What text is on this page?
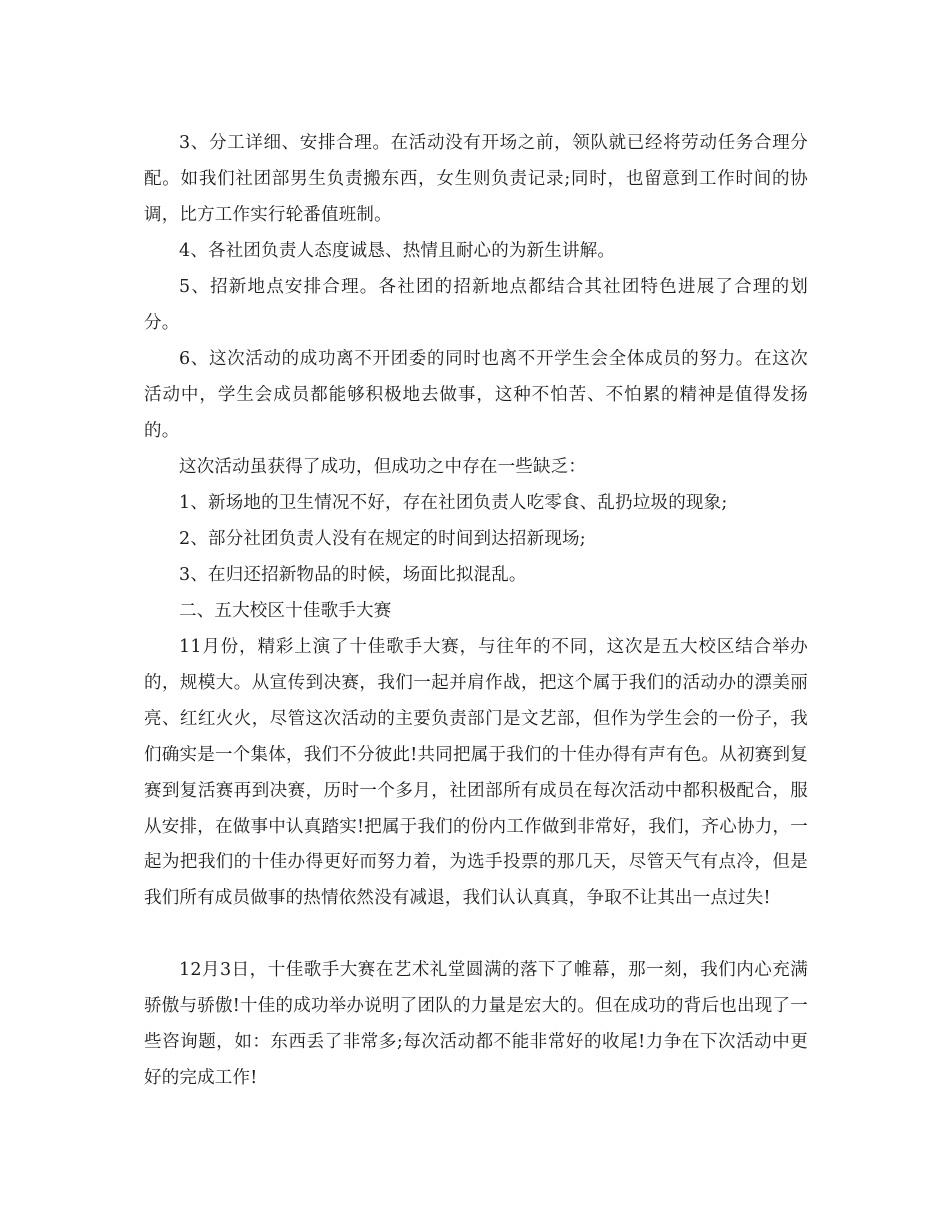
3、分工详细、安排合理。在活动没有开场之前，领队就已经将劳动任务合理分配。如我们社团部男生负责搬东西，女生则负责记录;同时，也留意到工作时间的协调，比方工作实行轮番值班制。

4、各社团负责人态度诚恳、热情且耐心的为新生讲解。

5、招新地点安排合理。各社团的招新地点都结合其社团特色进展了合理的划分。

6、这次活动的成功离不开团委的同时也离不开学生会全体成员的努力。在这次活动中，学生会成员都能够积极地去做事，这种不怕苦、不怕累的精神是值得发扬的。

这次活动虽获得了成功，但成功之中存在一些缺乏：

1、新场地的卫生情况不好，存在社团负责人吃零食、乱扔垃圾的现象;

2、部分社团负责人没有在规定的时间到达招新现场;

3、在归还招新物品的时候，场面比拟混乱。

二、五大校区十佳歌手大赛

11月份，精彩上演了十佳歌手大赛，与往年的不同，这次是五大校区结合举办的，规模大。从宣传到决赛，我们一起并肩作战，把这个属于我们的活动办的漂美丽亮、红红火火，尽管这次活动的主要负责部门是文艺部，但作为学生会的一份子，我们确实是一个集体，我们不分彼此!共同把属于我们的十佳办得有声有色。从初赛到复赛到复活赛再到决赛，历时一个多月，社团部所有成员在每次活动中都积极配合，服从安排，在做事中认真踏实!把属于我们的份内工作做到非常好，我们，齐心协力，一起为把我们的十佳办得更好而努力着，为选手投票的那几天，尽管天气有点冷，但是我们所有成员做事的热情依然没有减退，我们认认真真，争取不让其出一点过失!

12月3日，十佳歌手大赛在艺术礼堂圆满的落下了帷幕，那一刻，我们内心充满骄傲与骄傲!十佳的成功举办说明了团队的力量是宏大的。但在成功的背后也出现了一些咨询题，如：东西丢了非常多;每次活动都不能非常好的收尾!力争在下次活动中更好的完成工作!
